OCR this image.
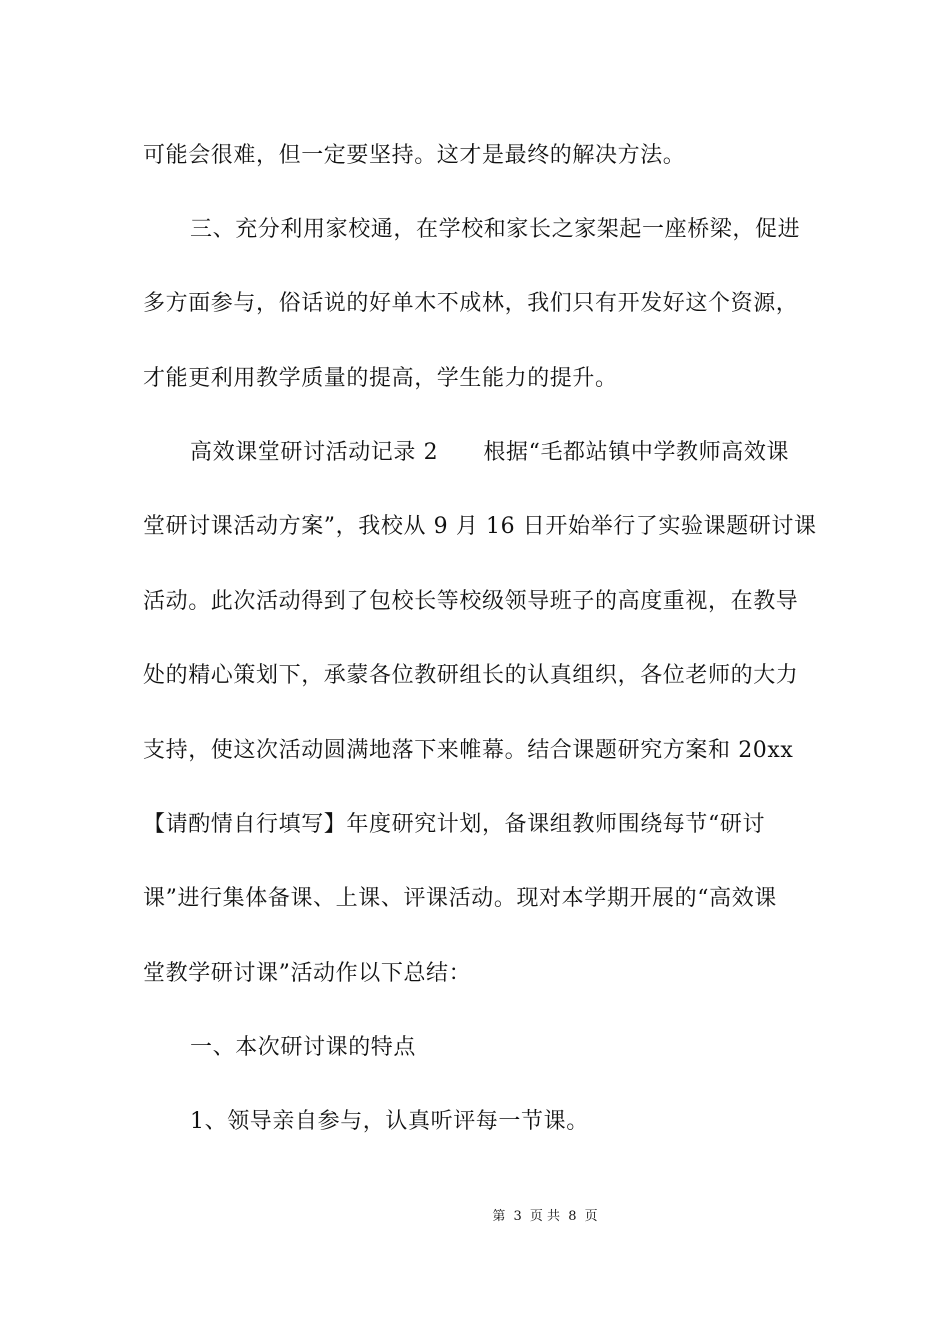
可能会很难，但一定要坚持。这才是最终的解决方法。
三、充分利用家校通，在学校和家长之家架起一座桥梁，促进
多方面参与，俗话说的好单木不成林，我们只有开发好这个资源，
才能更利用教学质量的提高，学生能力的提升。
高效课堂研讨活动记录 2　　根据“毛都站镇中学教师高效课
堂研讨课活动方案”，我校从 9 月 16 日开始举行了实验课题研讨课
活动。此次活动得到了包校长等校级领导班子的高度重视，在教导
处的精心策划下，承蒙各位教研组长的认真组织，各位老师的大力
支持，使这次活动圆满地落下来帷幕。结合课题研究方案和 20xx
【请酌情自行填写】年度研究计划，备课组教师围绕每节“研讨
课”进行集体备课、上课、评课活动。现对本学期开展的“高效课
堂教学研讨课”活动作以下总结：
一、本次研讨课的特点
1、领导亲自参与，认真听评每一节课。
第 3 页 共 8 页
